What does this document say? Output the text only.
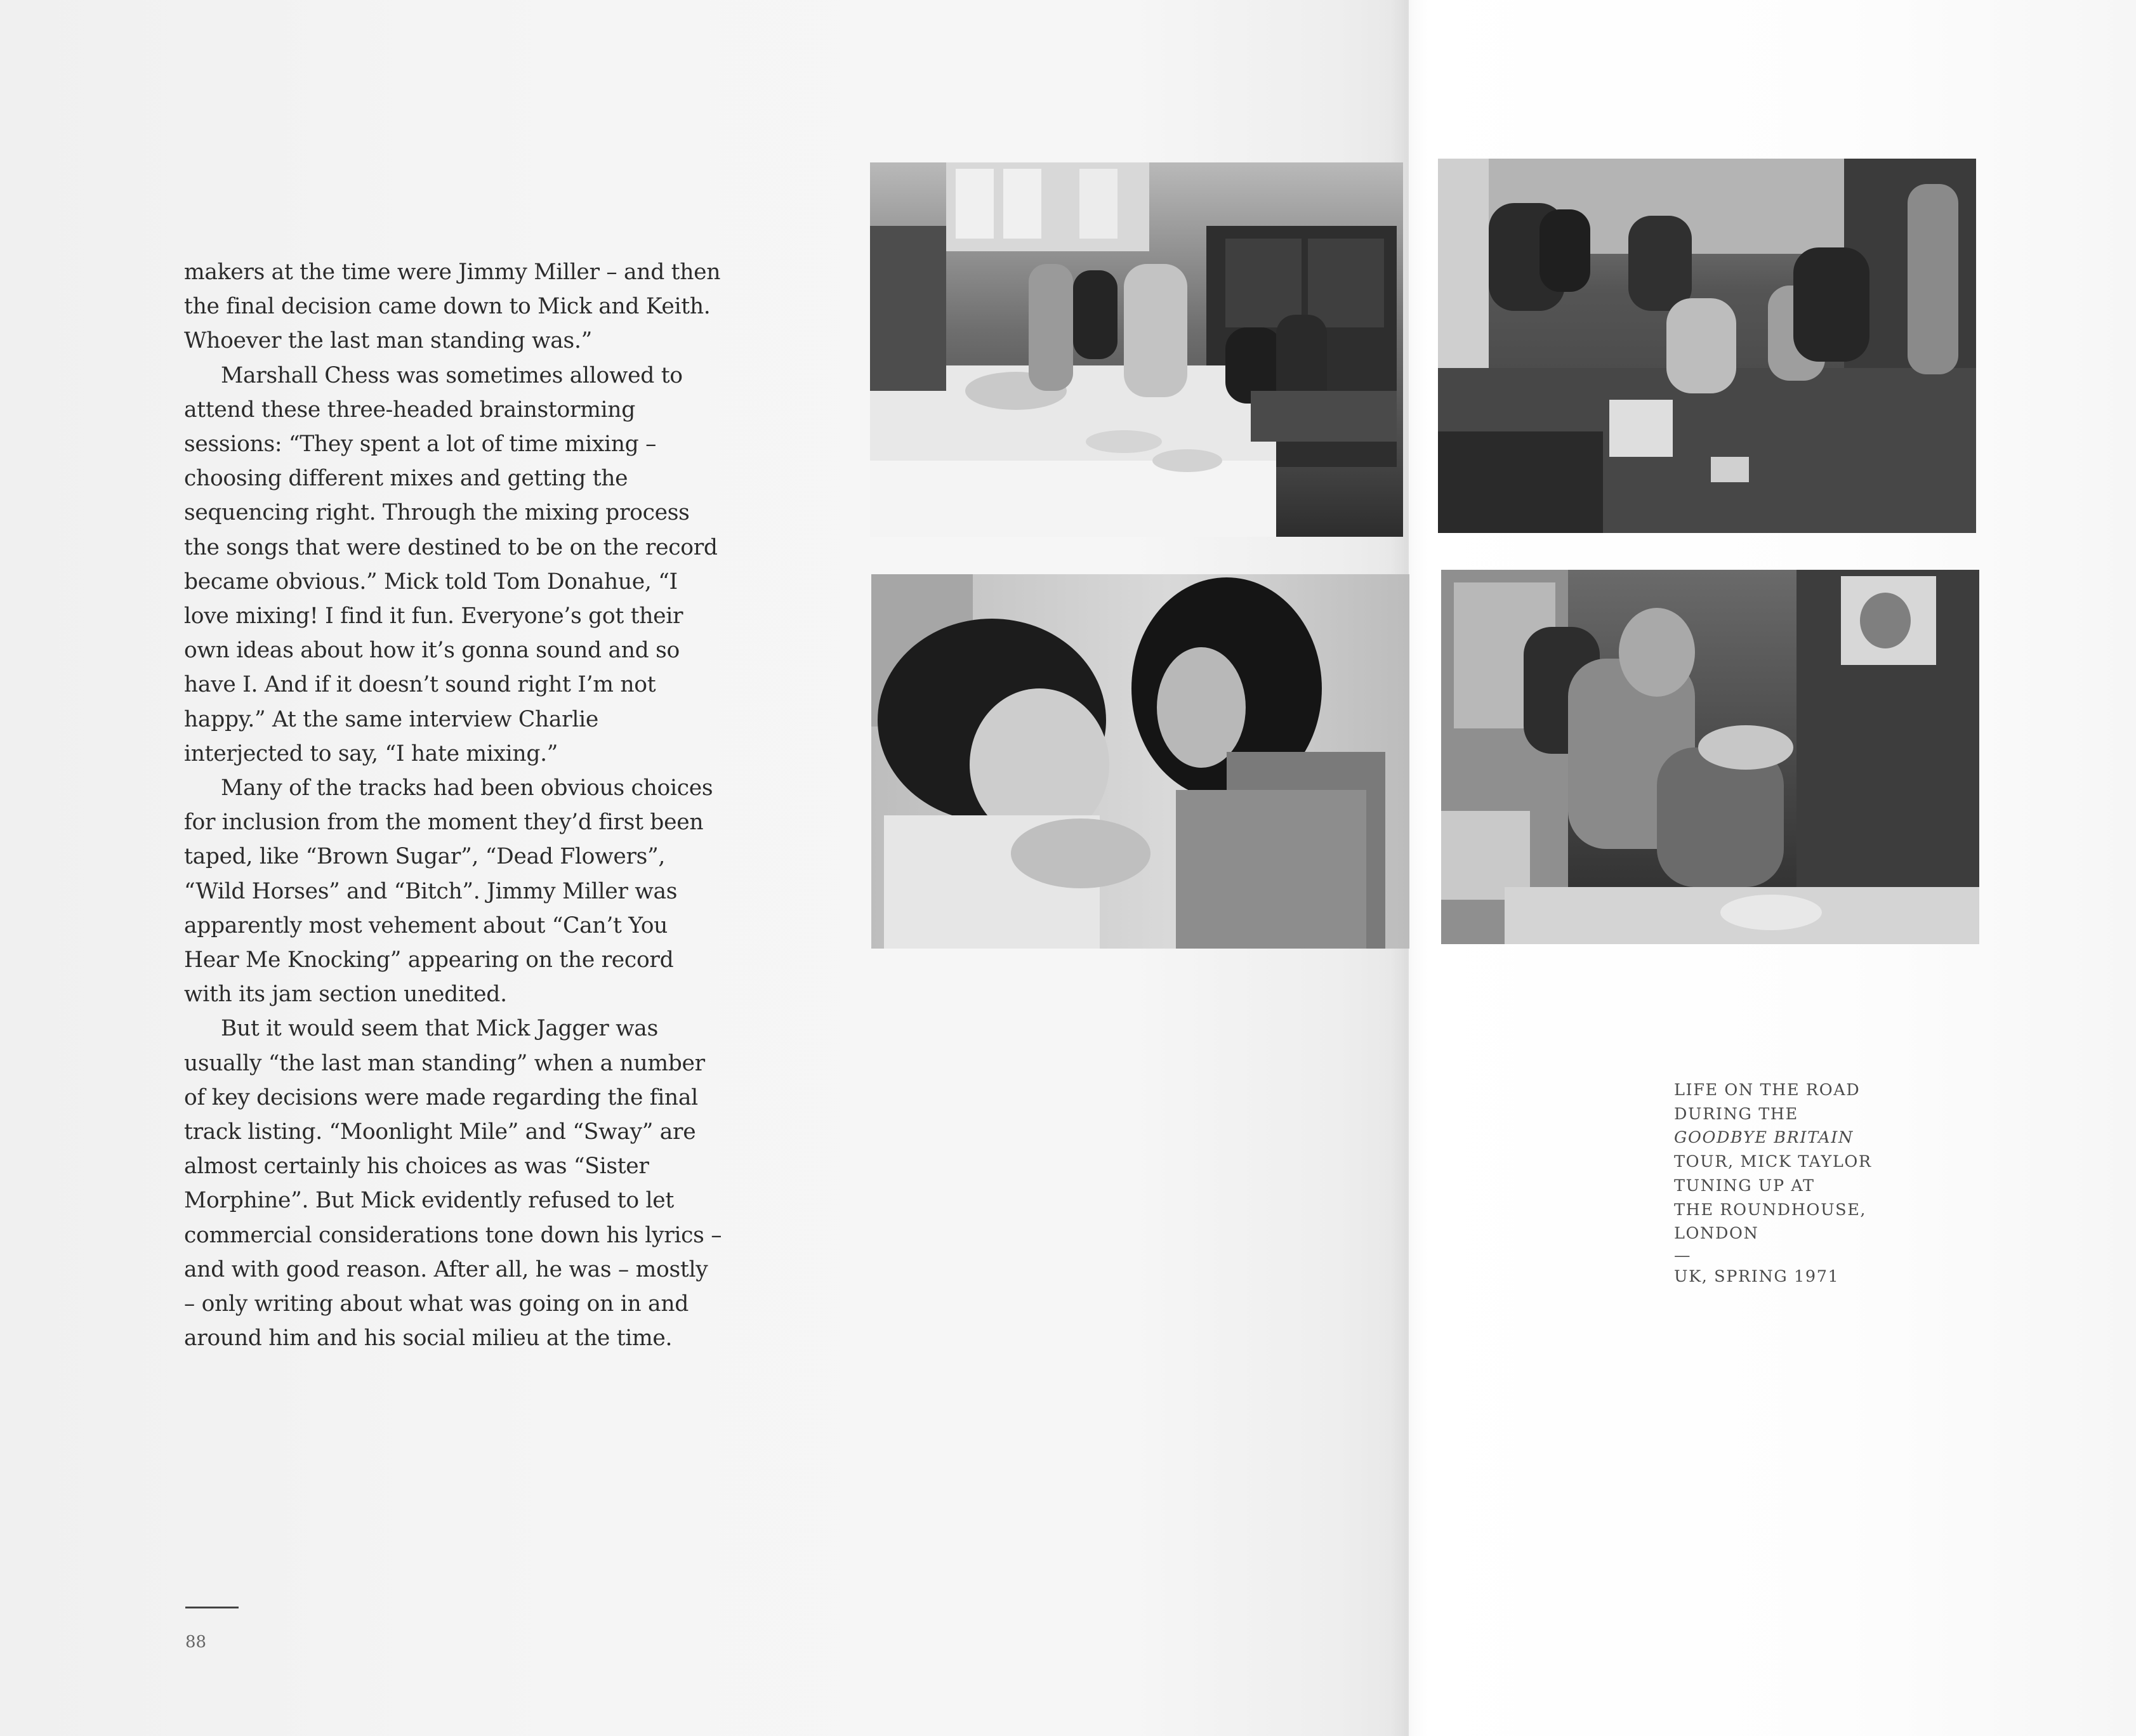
makers at the time were Jimmy Miller – and then the final decision came down to Mick and Keith. Whoever the last man standing was.”

Marshall Chess was sometimes allowed to attend these three-headed brainstorming sessions: “They spent a lot of time mixing – choosing different mixes and getting the sequencing right. Through the mixing process the songs that were destined to be on the record became obvious.” Mick told Tom Donahue, “I love mixing! I find it fun. Everyone’s got their own ideas about how it’s gonna sound and so have I. And if it doesn’t sound right I’m not happy.” At the same interview Charlie interjected to say, “I hate mixing.”

Many of the tracks had been obvious choices for inclusion from the moment they’d first been taped, like “Brown Sugar”, “Dead Flowers”, “Wild Horses” and “Bitch”. Jimmy Miller was apparently most vehement about “Can’t You Hear Me Knocking” appearing on the record with its jam section unedited.

But it would seem that Mick Jagger was usually “the last man standing” when a number of key decisions were made regarding the final track listing. “Moonlight Mile” and “Sway” are almost certainly his choices as was “Sister Morphine”. But Mick evidently refused to let commercial considerations tone down his lyrics – and with good reason. After all, he was – mostly – only writing about what was going on in and around him and his social milieu at the time.

88
LIFE ON THE ROAD
DURING THE
GOODBYE BRITAIN
TOUR, MICK TAYLOR
TUNING UP AT
THE ROUNDHOUSE,
LONDON
—
UK, SPRING 1971
